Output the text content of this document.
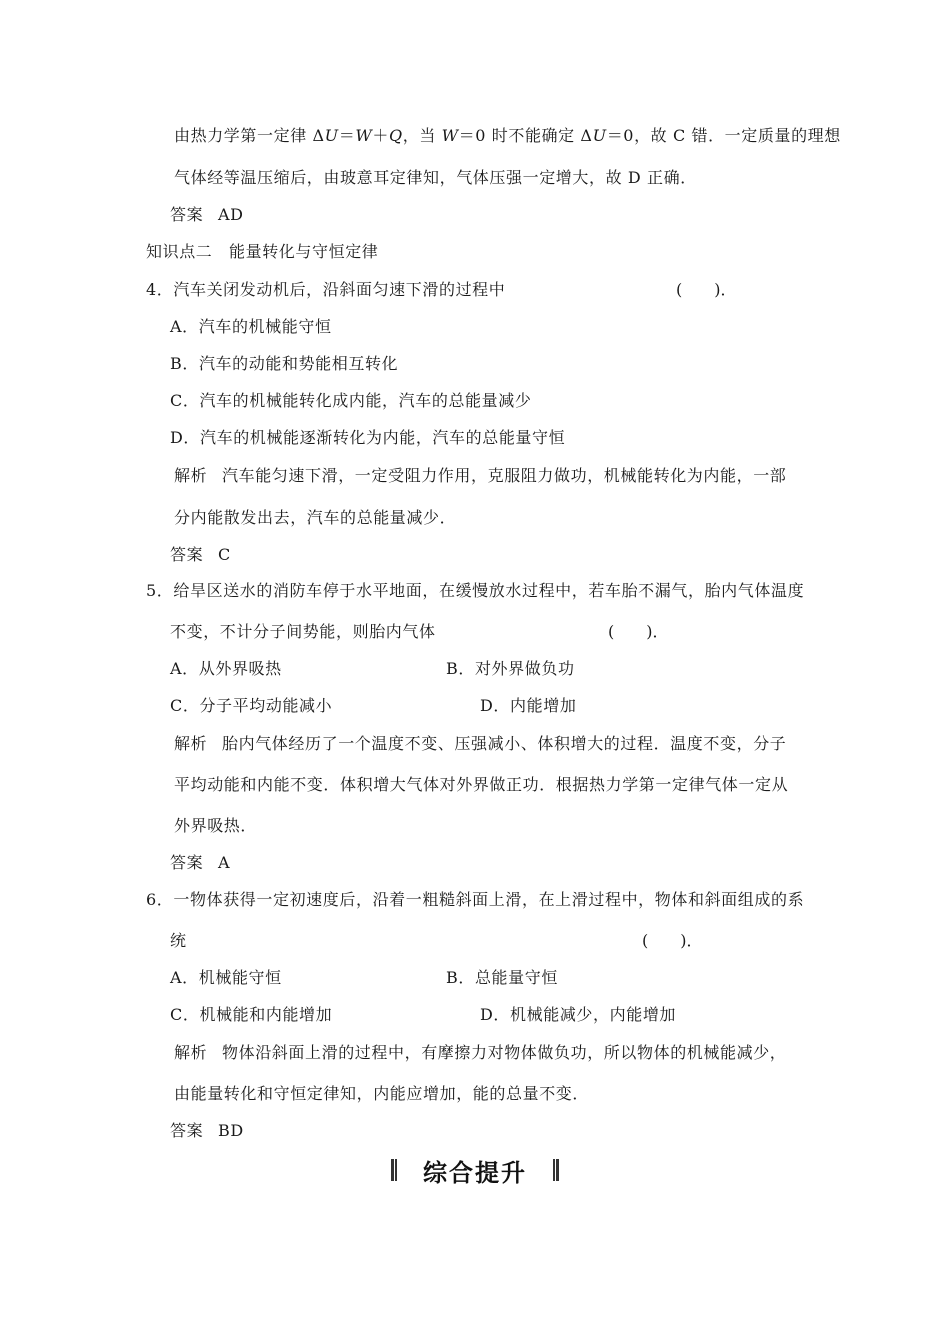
由热力学第一定律 ΔU＝W＋Q，当 W＝0 时不能确定 ΔU＝0，故 C 错．一定质量的理想
气体经等温压缩后，由玻意耳定律知，气体压强一定增大，故 D 正确．
答案 AD
知识点二　能量转化与守恒定律
4．汽车关闭发动机后，沿斜面匀速下滑的过程中	(　　)．
A．汽车的机械能守恒
B．汽车的动能和势能相互转化
C．汽车的机械能转化成内能，汽车的总能量减少
D．汽车的机械能逐渐转化为内能，汽车的总能量守恒
解析 汽车能匀速下滑，一定受阻力作用，克服阻力做功，机械能转化为内能，一部
分内能散发出去，汽车的总能量减少．
答案 C
5．给旱区送水的消防车停于水平地面，在缓慢放水过程中，若车胎不漏气，胎内气体温度
不变，不计分子间势能，则胎内气体	(　　)．
A．从外界吸热	B．对外界做负功
C．分子平均动能减小	D．内能增加
解析 胎内气体经历了一个温度不变、压强减小、体积增大的过程．温度不变，分子
平均动能和内能不变．体积增大气体对外界做正功．根据热力学第一定律气体一定从
外界吸热．
答案 A
6．一物体获得一定初速度后，沿着一粗糙斜面上滑，在上滑过程中，物体和斜面组成的系
统	(　　)．
A．机械能守恒	B．总能量守恒
C．机械能和内能增加	D．机械能减少，内能增加
解析 物体沿斜面上滑的过程中，有摩擦力对物体做负功，所以物体的机械能减少，
由能量转化和守恒定律知，内能应增加，能的总量不变．
答案 BD
综合提升
